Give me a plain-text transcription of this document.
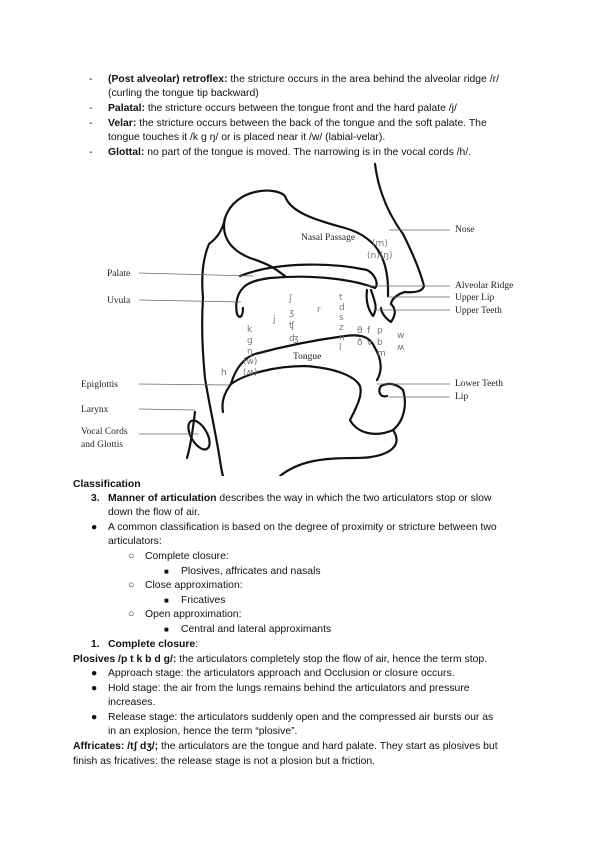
- (Post alveolar) retroflex: the stricture occurs in the area behind the alveolar ridge /r/
(curling the tongue tip backward)
- Palatal: the stricture occurs between the tongue front and the hard palate /j/
- Velar: the stricture occurs between the back of the tongue and the soft palate. The
tongue touches it /k g ŋ/ or is placed near it /w/ (labial-velar).
- Glottal: no part of the tongue is moved. The narrowing is in the vocal cords /h/.
Nasal Passage
Nose
Palate
Uvula
Alveolar Ridge
Upper Lip
Upper Teeth
Tongue
Epiglottis
Larynx
Vocal Cords
and Glottis
Lower Teeth
Lip
(m)
(n)(ŋ)
ʃ
ʒ
ʧ
ʤ
j
r
t
d
s
z
n
l
θ f p
ð v b
m
w
ʍ
k
g
ŋ
(w)
(ʍ)
h
Classification
3. Manner of articulation describes the way in which the two articulators stop or slow
down the flow of air.
● A common classification is based on the degree of proximity or stricture between two
articulators:
○ Complete closure:
■ Plosives, affricates and nasals
○ Close approximation:
■ Fricatives
○ Open approximation:
■ Central and lateral approximants
1. Complete closure:
Plosives /p t k b d g/: the articulators completely stop the flow of air, hence the term stop.
● Approach stage: the articulators approach and Occlusion or closure occurs.
● Hold stage: the air from the lungs remains behind the articulators and pressure
increases.
● Release stage: the articulators suddenly open and the compressed air bursts our as
in an explosion, hence the term “plosive”.
Affricates: /tʃ dʒ/; the articulators are the tongue and hard palate. They start as plosives but
finish as fricatives: the release stage is not a plosion but a friction.
